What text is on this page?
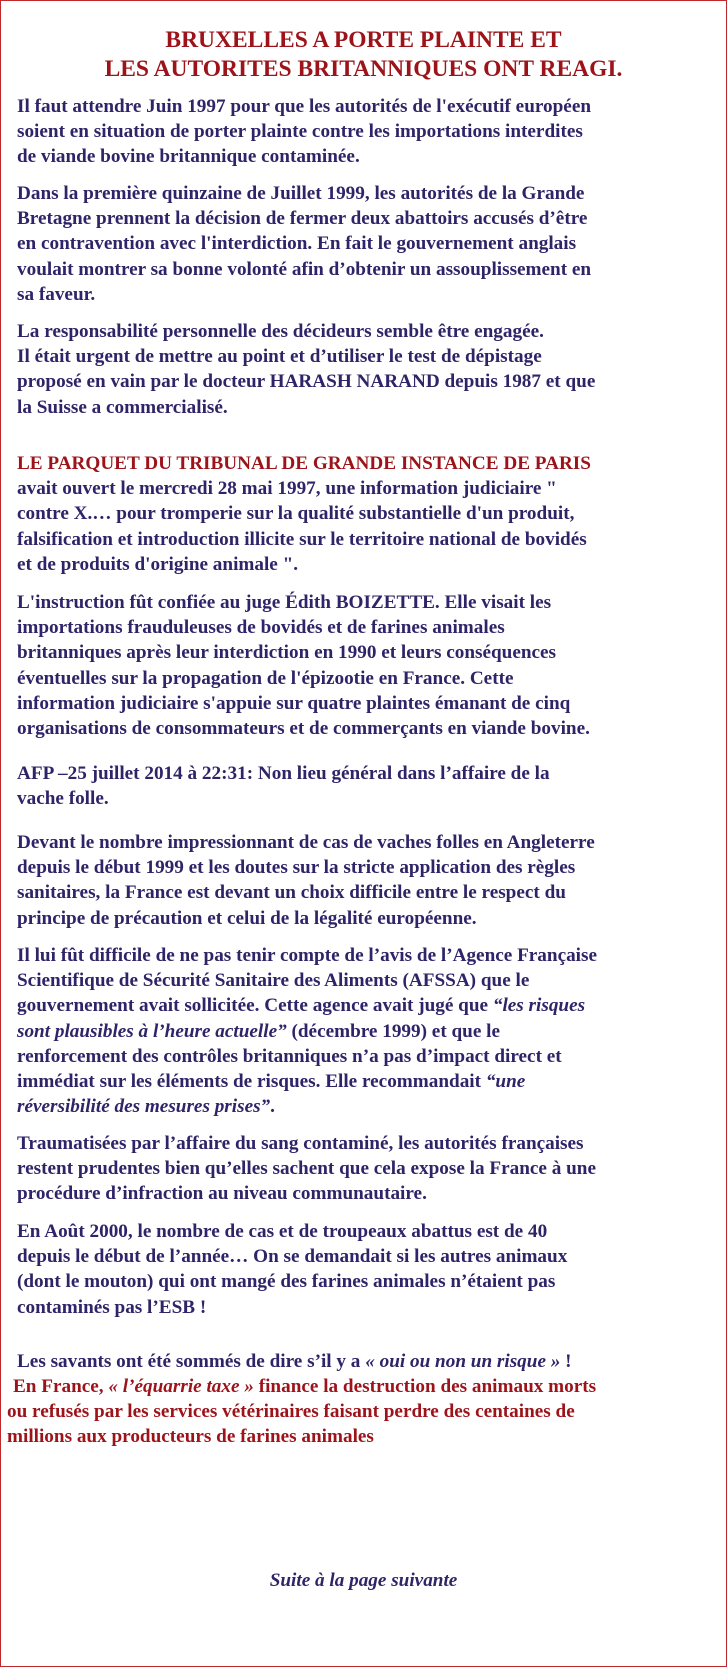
BRUXELLES A PORTE PLAINTE ET
LES AUTORITES BRITANNIQUES ONT REAGI.
Il faut attendre Juin 1997 pour que les autorités de l'exécutif européen
soient en situation de porter plainte contre les importations interdites
de viande bovine britannique contaminée.
Dans la première quinzaine de Juillet 1999, les autorités de la Grande
Bretagne prennent la décision de fermer deux abattoirs accusés d’être
en contravention avec l'interdiction. En fait le gouvernement anglais
voulait montrer sa bonne volonté afin d’obtenir un assouplissement en
sa faveur.
La responsabilité personnelle des décideurs semble être engagée.
Il était urgent de mettre au point et d’utiliser le test de dépistage
proposé en vain par le docteur HARASH NARAND depuis 1987 et que
la Suisse a commercialisé.
LE PARQUET DU TRIBUNAL DE GRANDE INSTANCE DE PARIS
avait ouvert le mercredi 28 mai 1997, une information judiciaire "
contre X.… pour tromperie sur la qualité substantielle d'un produit,
falsification et introduction illicite sur le territoire national de bovidés
et de produits d'origine animale ".
L'instruction fût confiée au juge Édith BOIZETTE. Elle visait les
importations frauduleuses de bovidés et de farines animales
britanniques après leur interdiction en 1990 et leurs conséquences
éventuelles sur la propagation de l'épizootie en France. Cette
information judiciaire s'appuie sur quatre plaintes émanant de cinq
organisations de consommateurs et de commerçants en viande bovine.
AFP –25 juillet 2014 à 22:31: Non lieu général dans l’affaire de la
vache folle.
Devant le nombre impressionnant de cas de vaches folles en Angleterre
depuis le début 1999 et les doutes sur la stricte application des règles
sanitaires, la France est devant un choix difficile entre le respect du
principe de précaution et celui de la légalité européenne.
Il lui fût difficile de ne pas tenir compte de l’avis de l’Agence Française
Scientifique de Sécurité Sanitaire des Aliments (AFSSA) que le
gouvernement avait sollicitée. Cette agence avait jugé que “les risques
sont plausibles à l’heure actuelle” (décembre 1999) et que le
renforcement des contrôles britanniques n’a pas d’impact direct et
immédiat sur les éléments de risques. Elle recommandait “une
réversibilité des mesures prises”.
Traumatisées par l’affaire du sang contaminé, les autorités françaises
restent prudentes bien qu’elles sachent que cela expose la France à une
procédure d’infraction au niveau communautaire.
En Août 2000, le nombre de cas et de troupeaux abattus est de 40
depuis le début de l’année… On se demandait si les autres animaux
(dont le mouton) qui ont mangé des farines animales n’étaient pas
contaminés pas l’ESB !
Les savants ont été sommés de dire s’il y a « oui ou non un risque » !
En France, « l’équarrie taxe » finance la destruction des animaux morts
ou refusés par les services vétérinaires faisant perdre des centaines de
millions aux producteurs de farines animales
Suite à la page suivante
